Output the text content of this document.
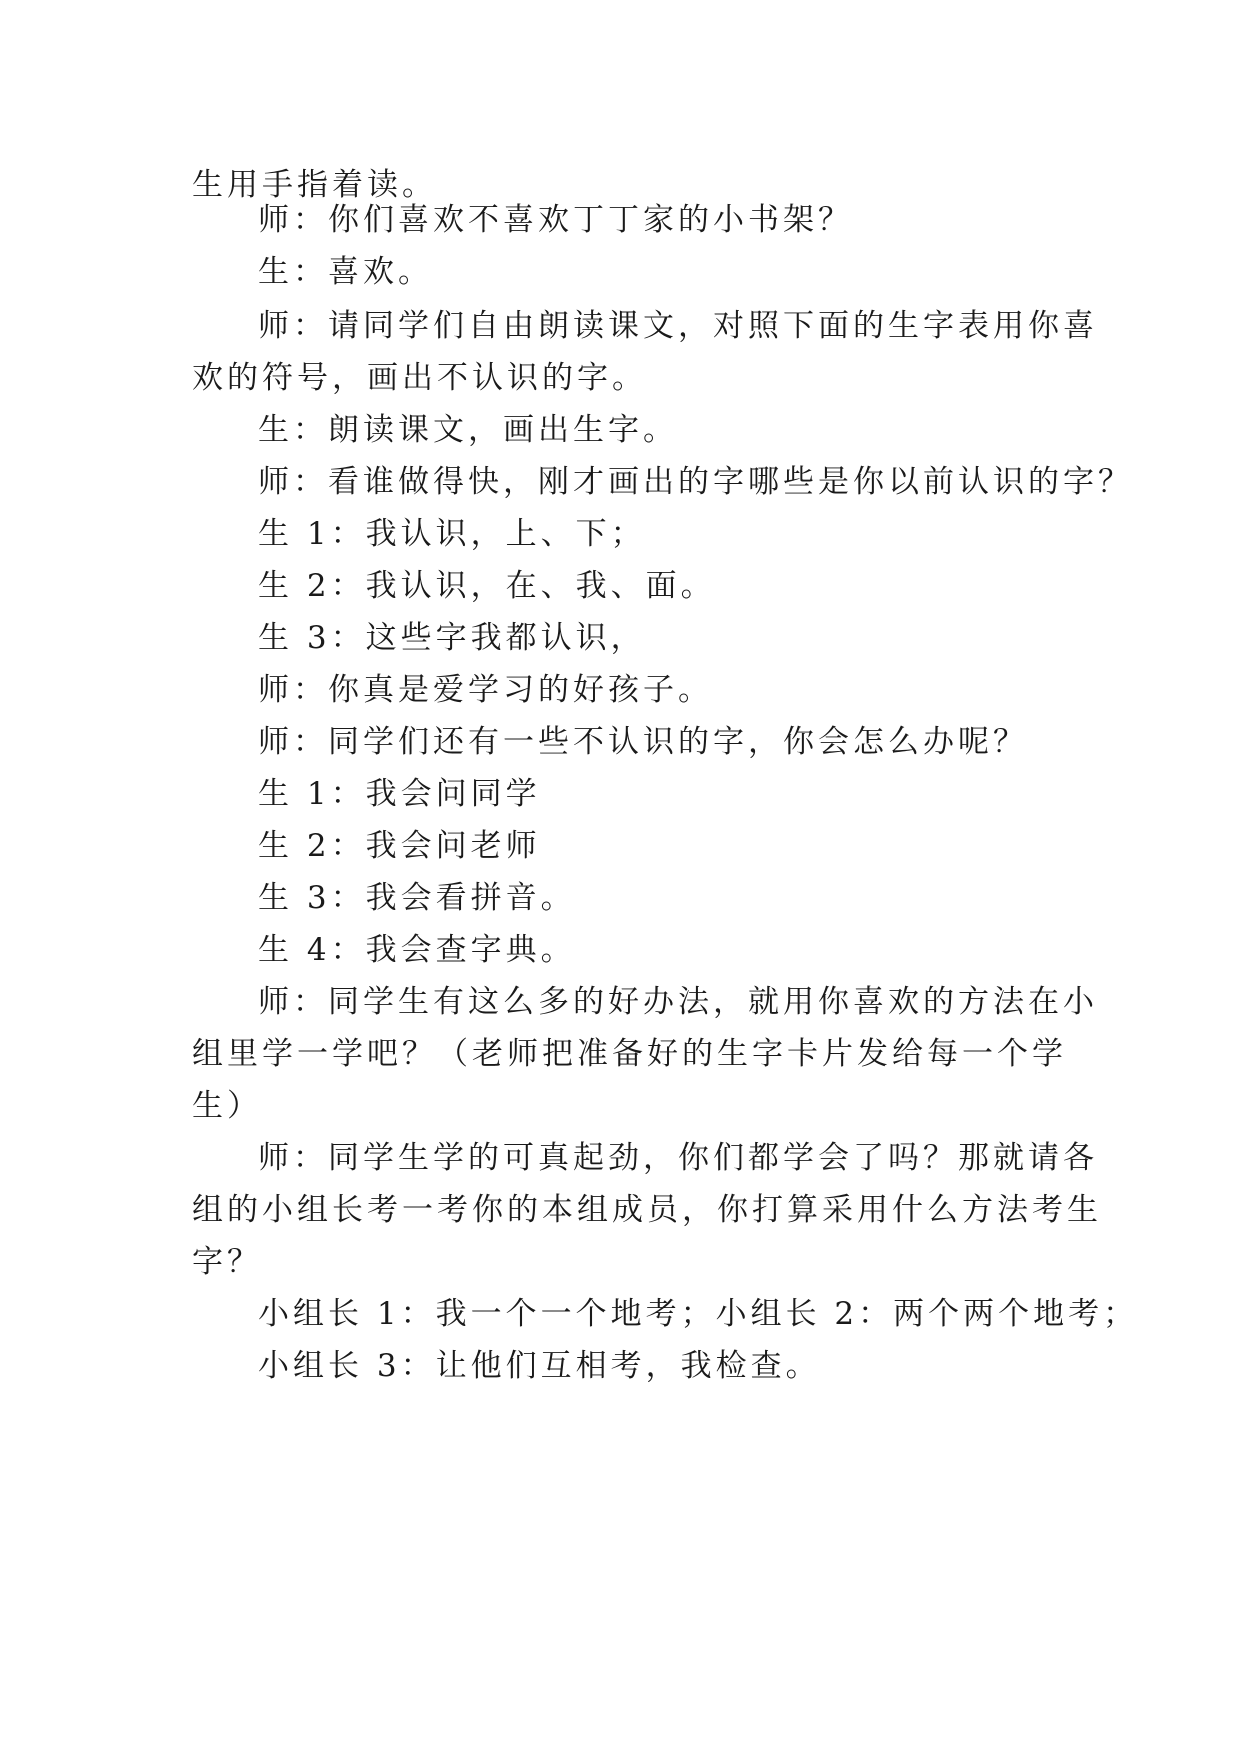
生用手指着读。
师：你们喜欢不喜欢丁丁家的小书架？
生：喜欢。
师：请同学们自由朗读课文，对照下面的生字表用你喜
欢的符号，画出不认识的字。
生：朗读课文，画出生字。
师：看谁做得快，刚才画出的字哪些是你以前认识的字？
生 1：我认识，上、下；
生 2：我认识，在、我、面。
生 3：这些字我都认识，
师：你真是爱学习的好孩子。
师：同学们还有一些不认识的字，你会怎么办呢？
生 1：我会问同学
生 2：我会问老师
生 3：我会看拼音。
生 4：我会查字典。
师：同学生有这么多的好办法，就用你喜欢的方法在小
组里学一学吧？（老师把准备好的生字卡片发给每一个学
生）
师：同学生学的可真起劲，你们都学会了吗？那就请各
组的小组长考一考你的本组成员，你打算采用什么方法考生
字？
小组长 1：我一个一个地考；小组长 2：两个两个地考；
小组长 3：让他们互相考，我检查。
